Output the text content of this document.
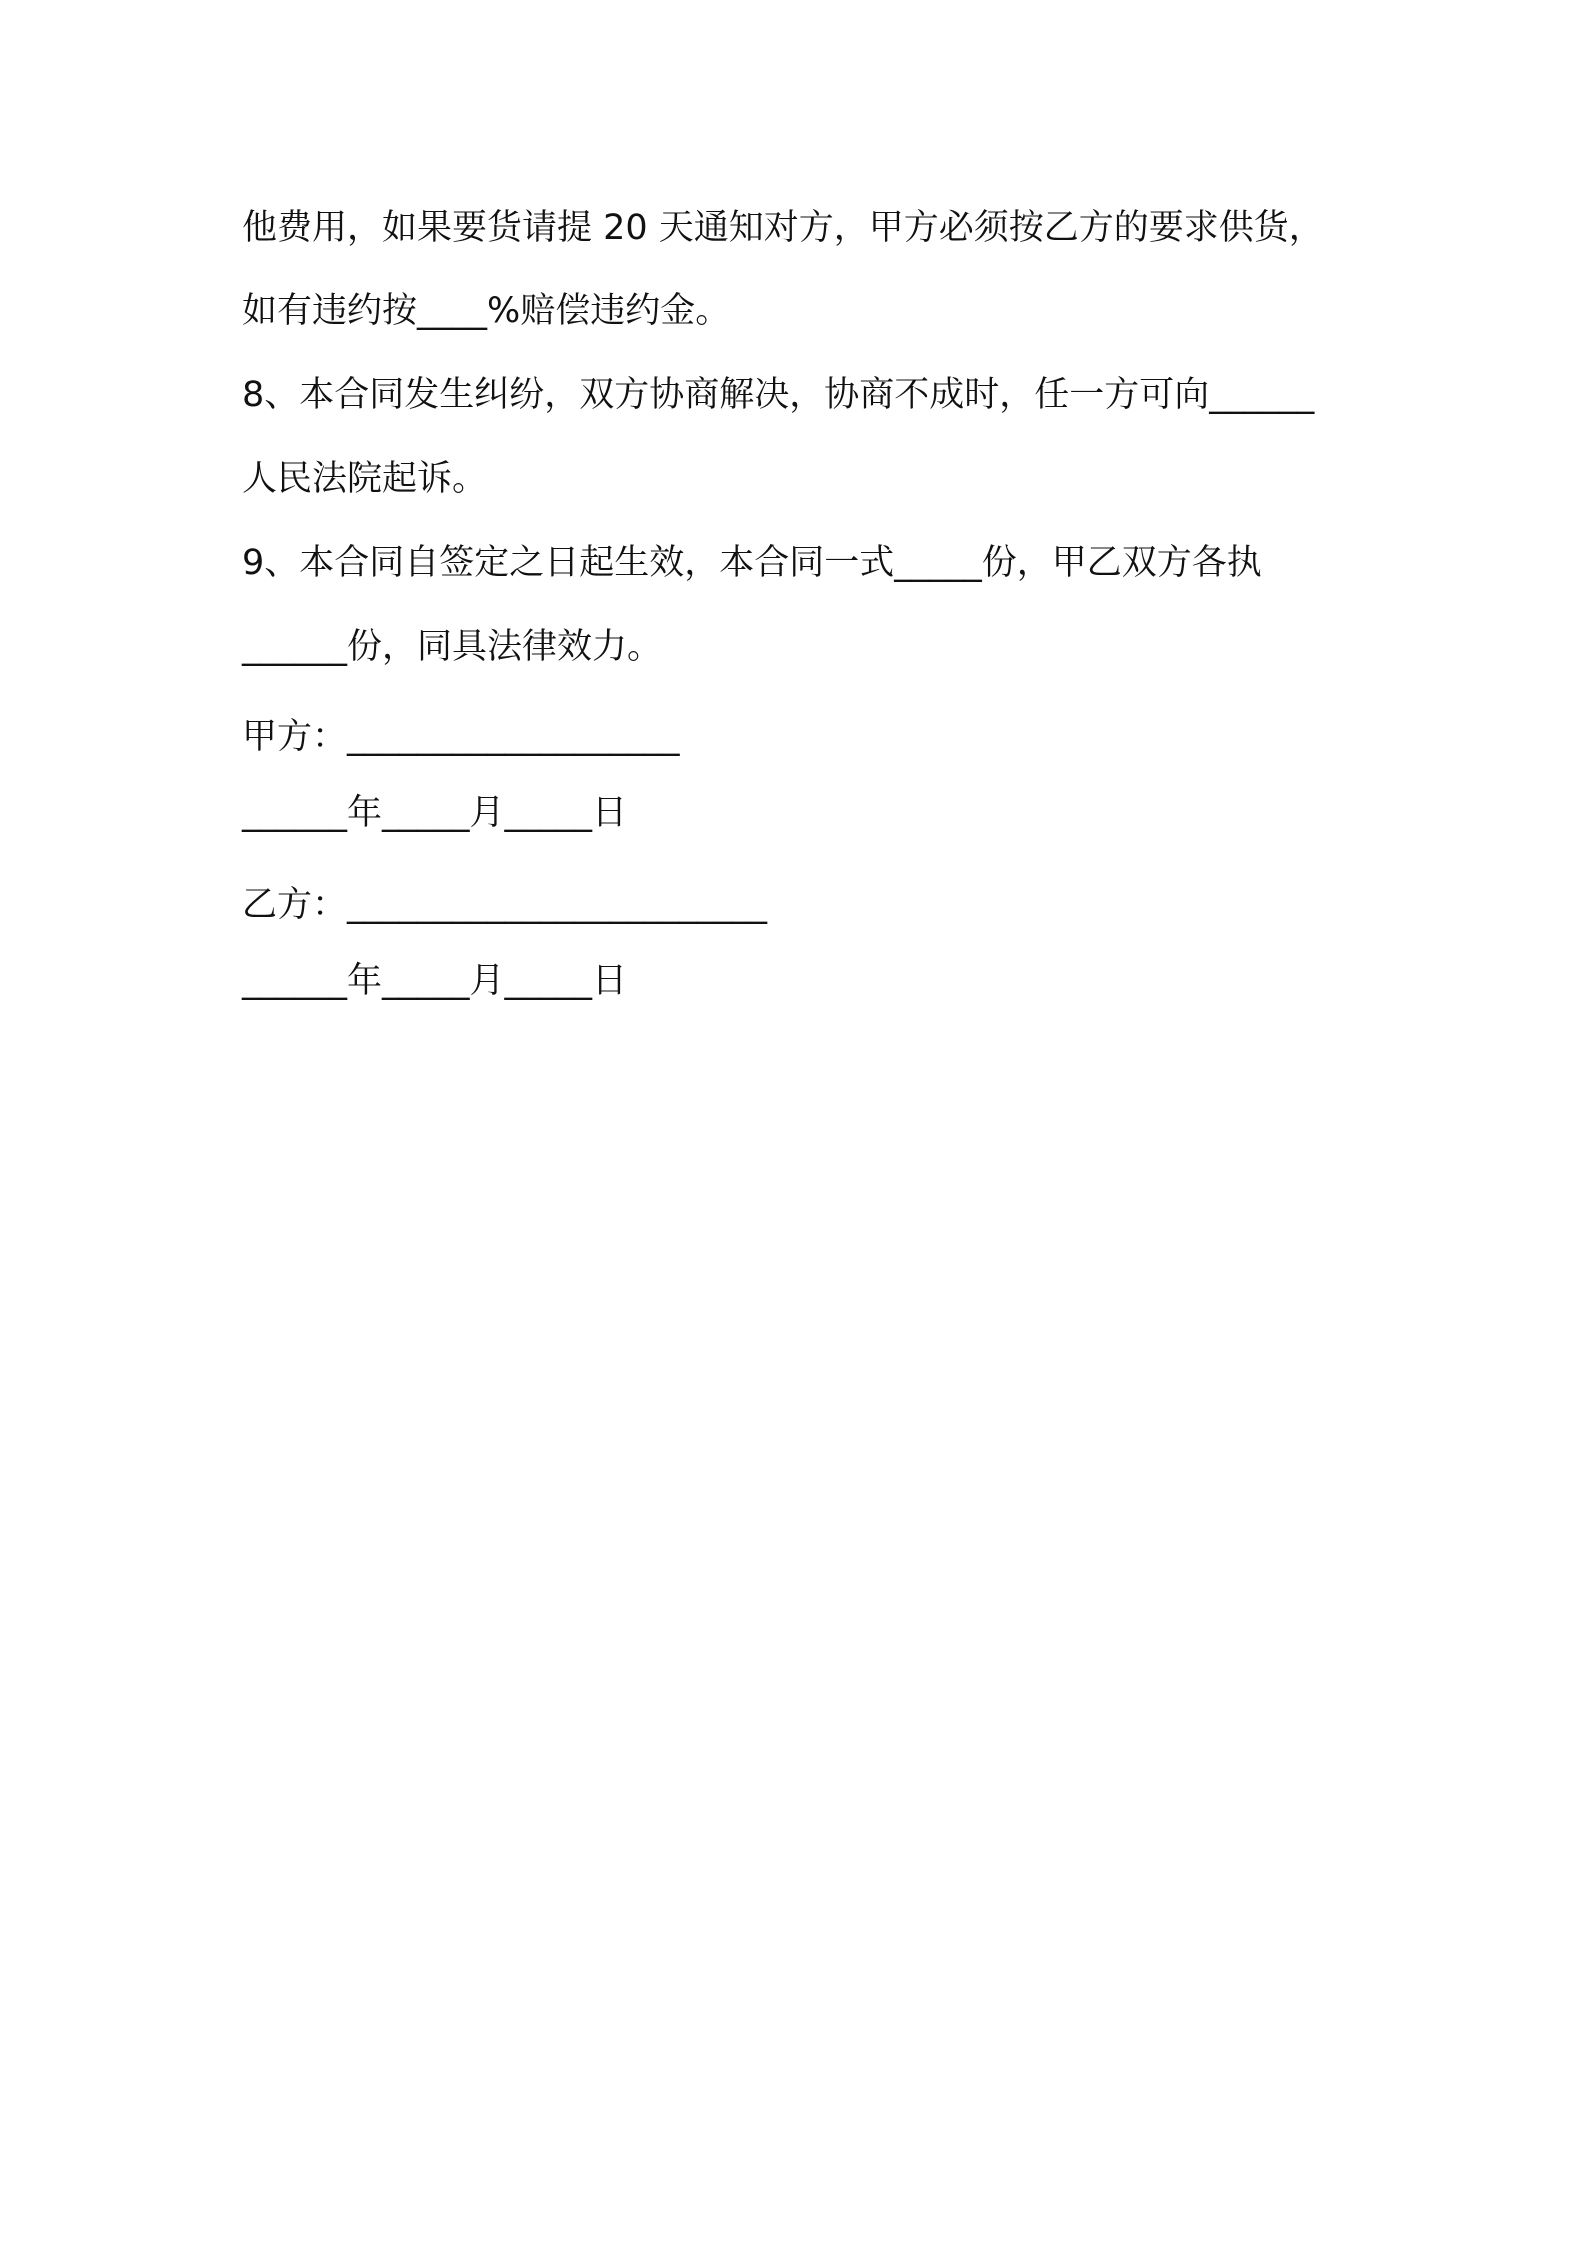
他费用，如果要货请提 20 天通知对方，甲方必须按乙方的要求供货，

如有违约按____%赔偿违约金。

8、本合同发生纠纷，双方协商解决，协商不成时，任一方可向______

人民法院起诉。

9、本合同自签定之日起生效，本合同一式_____份，甲乙双方各执

______份，同具法律效力。

甲方：___________________

______年_____月_____日

乙方：________________________

______年_____月_____日
